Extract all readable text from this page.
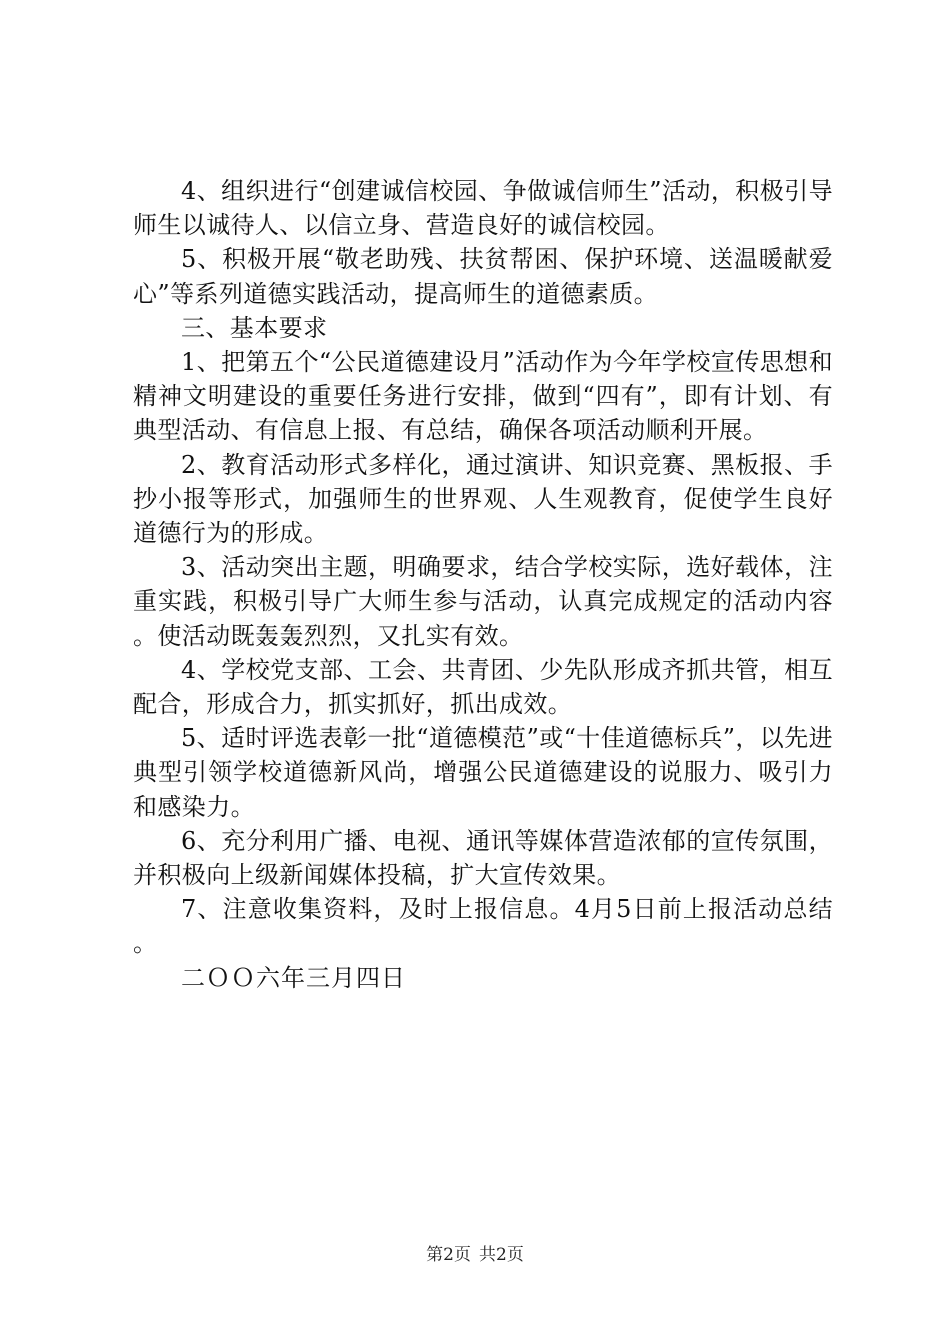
4、组织进行“创建诚信校园、争做诚信师生”活动，积极引导师生以诚待人、以信立身、营造良好的诚信校园。

5、积极开展“敬老助残、扶贫帮困、保护环境、送温暖献爱心”等系列道德实践活动，提高师生的道德素质。

三、基本要求

1、把第五个“公民道德建设月”活动作为今年学校宣传思想和精神文明建设的重要任务进行安排，做到“四有”，即有计划、有典型活动、有信息上报、有总结，确保各项活动顺利开展。

2、教育活动形式多样化，通过演讲、知识竞赛、黑板报、手抄小报等形式，加强师生的世界观、人生观教育，促使学生良好道德行为的形成。

3、活动突出主题，明确要求，结合学校实际，选好载体，注重实践，积极引导广大师生参与活动，认真完成规定的活动内容。使活动既轰轰烈烈，又扎实有效。

4、学校党支部、工会、共青团、少先队形成齐抓共管，相互配合，形成合力，抓实抓好，抓出成效。

5、适时评选表彰一批“道德模范”或“十佳道德标兵”，以先进典型引领学校道德新风尚，增强公民道德建设的说服力、吸引力和感染力。

6、充分利用广播、电视、通讯等媒体营造浓郁的宣传氛围，并积极向上级新闻媒体投稿，扩大宣传效果。

7、注意收集资料，及时上报信息。4月5日前上报活动总结。

二ＯＯ六年三月四日

第2页 共2页
